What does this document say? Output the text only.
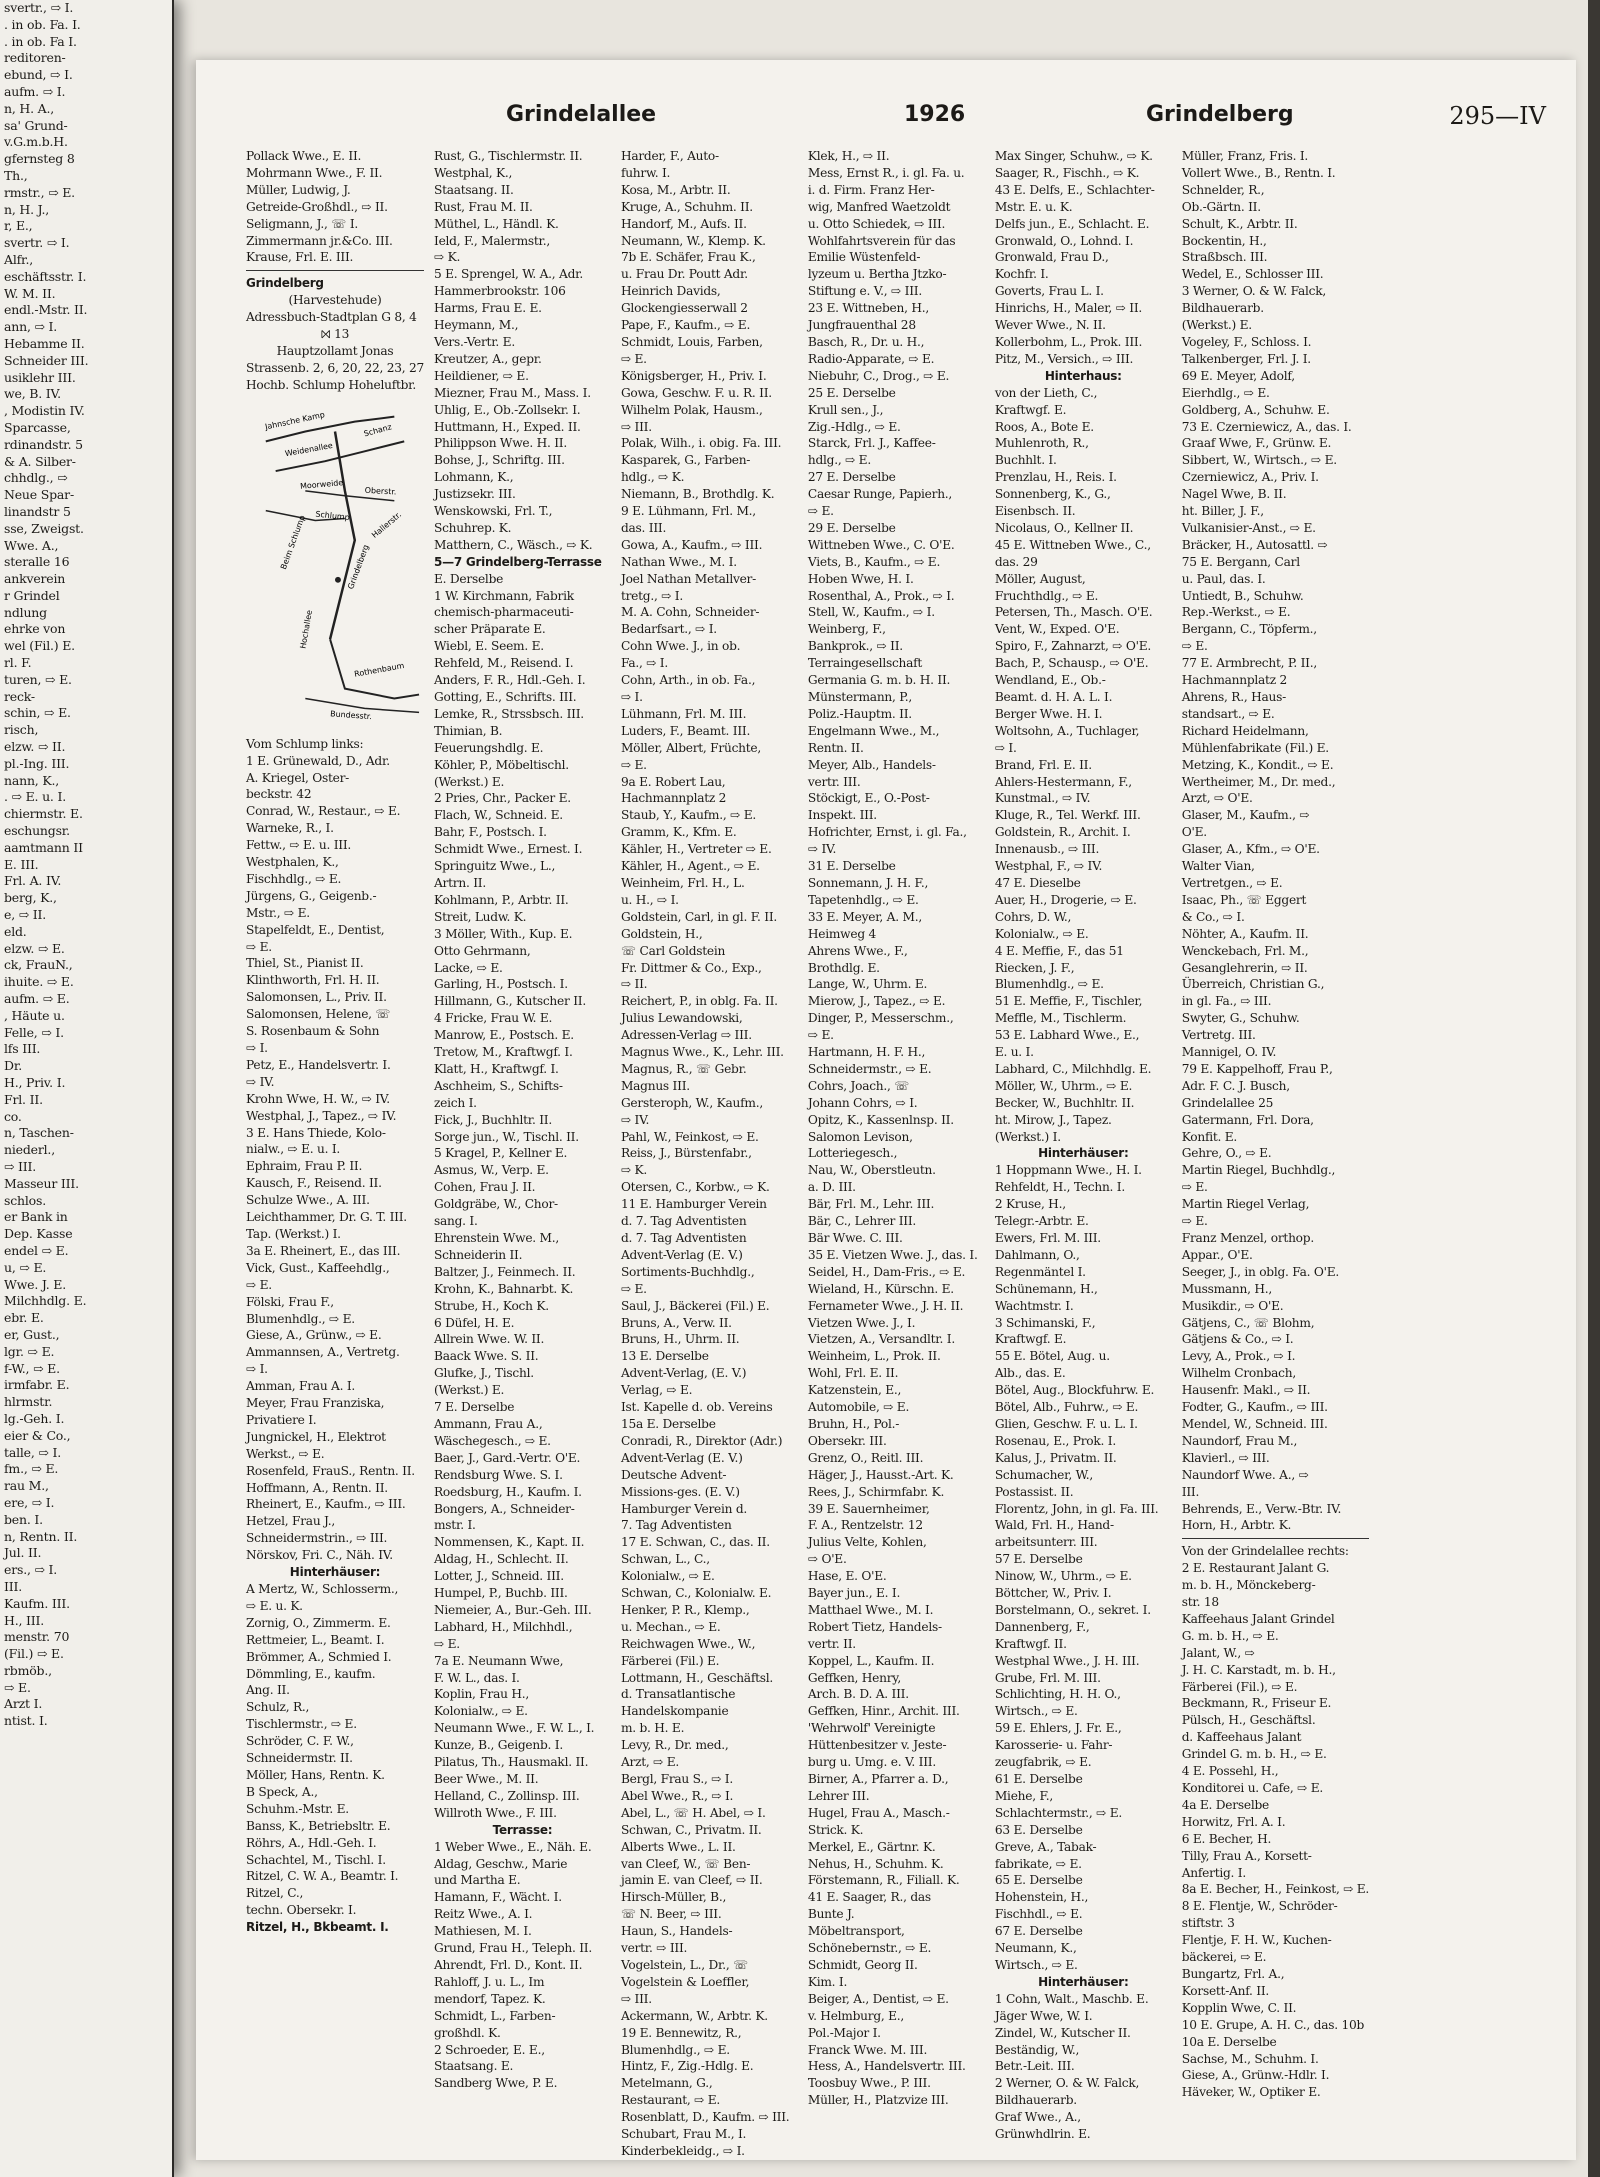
svertr., ⇨ I.
. in ob. Fa. I.
. in ob. Fa I.
reditoren-
ebund, ⇨ I.
aufm. ⇨ I.
n, H. A.,
sa' Grund-
v.G.m.b.H.
gfernsteg 8
Th.,
rmstr., ⇨ E.
n, H. J.,
r, E.,
svertr. ⇨ I.
Alfr.,
eschäftsstr. I.
W. M. II.
endl.-Mstr. II.
ann, ⇨ I.
Hebamme II.
Schneider III.
usiklehr III.
we, B. IV.
, Modistin IV.
Sparcasse,
rdinandstr. 5
& A. Silber-
chhdlg., ⇨
Neue Spar-
linandstr 5
sse, Zweigst.
Wwe. A.,
steralle 16
ankverein
r Grindel
ndlung
ehrke von
wel (Fil.) E.
rl. F.
turen, ⇨ E.
reck-
schin, ⇨ E.
risch,
elzw. ⇨ II.
pl.-Ing. III.
nann, K.,
. ⇨ E. u. I.
chiermstr. E.
eschungsr.
aamtmann II
E. III.
Frl. A. IV.
berg, K.,
e, ⇨ II.
eld.
elzw. ⇨ E.
ck, FrauN.,
ihuite. ⇨ E.
aufm. ⇨ E.
, Häute u.
Felle, ⇨ I.
lfs III.
Dr.
H., Priv. I.
Frl. II.
co.
n, Taschen-
niederl.,
⇨ III.
Masseur III.
schlos.
er Bank in
Dep. Kasse
endel ⇨ E.
u, ⇨ E.
Wwe. J. E.
Milchhdlg. E.
ebr. E.
er, Gust.,
lgr. ⇨ E.
f-W., ⇨ E.
irmfabr. E.
hlrmstr.
lg.-Geh. I.
eier & Co.,
talle, ⇨ I.
fm., ⇨ E.
rau M.,
ere, ⇨ I.
ben. I.
n, Rentn. II.
Jul. II.
ers., ⇨ I.
III.
Kaufm. III.
H., III.
menstr. 70
(Fil.) ⇨ E.
rbmöb.,
⇨ E.
Arzt I.
ntist. I.
Grindelallee	1926	Grindelberg	295—IV
Pollack Wwe., E. II.
Mohrmann Wwe., F. II.
Müller, Ludwig, J.
Getreide-Großhdl., ⇨ II.
Seligmann, J., ☏ I.
Zimmermann jr.&Co. III.
Krause, Frl. E. III.
Grindelberg
(Harvestehude)
Adressbuch-Stadtplan G 8, 4
⨝ 13
Hauptzollamt Jonas
Strassenb. 2, 6, 20, 22, 23, 27
Hochb. Schlump Hoheluftbr.
Jahnsche Kamp
Weidenallee
Schanz
Moorweide
Oberstr.
Schlump Hallerstr.
Beim Schlump	Grindelberg
Hochallee
Rothenbaum
Bundesstr.
Vom Schlump links:
1 E. Grünewald, D., Adr.
A. Kriegel, Oster-
beckstr. 42
Conrad, W., Restaur., ⇨ E.
Warneke, R., I.
Fettw., ⇨ E. u. III.
Westphalen, K.,
Fischhdlg., ⇨ E.
Jürgens, G., Geigenb.-
Mstr., ⇨ E.
Stapelfeldt, E., Dentist,
⇨ E.
Thiel, St., Pianist II.
Klinthworth, Frl. H. II.
Salomonsen, L., Priv. II.
Salomonsen, Helene, ☏
S. Rosenbaum & Sohn
⇨ I.
Petz, E., Handelsvertr. I.
⇨ IV.
Krohn Wwe, H. W., ⇨ IV.
Westphal, J., Tapez., ⇨ IV.
3 E. Hans Thiede, Kolo-
nialw., ⇨ E. u. I.
Ephraim, Frau P. II.
Kausch, F., Reisend. II.
Schulze Wwe., A. III.
Leichthammer, Dr. G. T. III.
Tap. (Werkst.) I.
3a E. Rheinert, E., das III.
Vick, Gust., Kaffeehdlg.,
⇨ E.
Fölski, Frau F.,
Blumenhdlg., ⇨ E.
Giese, A., Grünw., ⇨ E.
Ammannsen, A., Vertretg.
⇨ I.
Amman, Frau A. I.
Meyer, Frau Franziska,
Privatiere I.
Jungnickel, H., Elektrot
Werkst., ⇨ E.
Rosenfeld, FrauS., Rentn. II.
Hoffmann, A., Rentn. II.
Rheinert, E., Kaufm., ⇨ III.
Hetzel, Frau J.,
Schneidermstrin., ⇨ III.
Nörskov, Fri. C., Näh. IV.
Hinterhäuser:
A Mertz, W., Schlosserm.,
⇨ E. u. K.
Zornig, O., Zimmerm. E.
Rettmeier, L., Beamt. I.
Brömmer, A., Schmied I.
Dömmling, E., kaufm.
Ang. II.
Schulz, R.,
Tischlermstr., ⇨ E.
Schröder, C. F. W.,
Schneidermstr. II.
Möller, Hans, Rentn. K.
B Speck, A.,
Schuhm.-Mstr. E.
Banss, K., Betriebsltr. E.
Röhrs, A., Hdl.-Geh. I.
Schachtel, M., Tischl. I.
Ritzel, C. W. A., Beamtr. I.
Ritzel, C.,
techn. Obersekr. I.
Ritzel, H., Bkbeamt. I.
Rust, G., Tischlermstr. II.
Westphal, K.,
Staatsang. II.
Rust, Frau M. II.
Müthel, L., Händl. K.
Ield, F., Malermstr.,
⇨ K.
5 E. Sprengel, W. A., Adr.
Hammerbrookstr. 106
Harms, Frau E. E.
Heymann, M.,
Vers.-Vertr. E.
Kreutzer, A., gepr.
Heildiener, ⇨ E.
Miezner, Frau M., Mass. I.
Uhlig, E., Ob.-Zollsekr. I.
Huttmann, H., Exped. II.
Philippson Wwe. H. II.
Bohse, J., Schriftg. III.
Lohmann, K.,
Justizsekr. III.
Wenskowski, Frl. T.,
Schuhrep. K.
Matthern, C., Wäsch., ⇨ K.
5—7 Grindelberg-Terrasse
E. Derselbe
1 W. Kirchmann, Fabrik
chemisch-pharmaceuti-
scher Präparate E.
Wiebl, E. Seem. E.
Rehfeld, M., Reisend. I.
Anders, F. R., Hdl.-Geh. I.
Gotting, E., Schrifts. III.
Lemke, R., Strssbsch. III.
Thimian, B.
Feuerungshdlg. E.
Köhler, P., Möbeltischl.
(Werkst.) E.
2 Pries, Chr., Packer E.
Flach, W., Schneid. E.
Bahr, F., Postsch. I.
Schmidt Wwe., Ernest. I.
Springuitz Wwe., L.,
Artrn. II.
Kohlmann, P., Arbtr. II.
Streit, Ludw. K.
3 Möller, With., Kup. E.
Otto Gehrmann,
Lacke, ⇨ E.
Garling, H., Postsch. I.
Hillmann, G., Kutscher II.
4 Fricke, Frau W. E.
Manrow, E., Postsch. E.
Tretow, M., Kraftwgf. I.
Klatt, H., Kraftwgf. I.
Aschheim, S., Schifts-
zeich I.
Fick, J., Buchhltr. II.
Sorge jun., W., Tischl. II.
5 Kragel, P., Kellner E.
Asmus, W., Verp. E.
Cohen, Frau J. II.
Goldgräbe, W., Chor-
sang. I.
Ehrenstein Wwe. M.,
Schneiderin II.
Baltzer, J., Feinmech. II.
Krohn, K., Bahnarbt. K.
Strube, H., Koch K.
6 Düfel, H. E.
Allrein Wwe. W. II.
Baack Wwe. S. II.
Glufke, J., Tischl.
(Werkst.) E.
7 E. Derselbe
Ammann, Frau A.,
Wäschegesch., ⇨ E.
Baer, J., Gard.-Vertr. O'E.
Rendsburg Wwe. S. I.
Roedsburg, H., Kaufm. I.
Bongers, A., Schneider-
mstr. I.
Nommensen, K., Kapt. II.
Aldag, H., Schlecht. II.
Lotter, J., Schneid. III.
Humpel, P., Buchb. III.
Niemeier, A., Bur.-Geh. III.
Labhard, H., Milchhdl.,
⇨ E.
7a E. Neumann Wwe,
F. W. L., das. I.
Koplin, Frau H.,
Kolonialw., ⇨ E.
Neumann Wwe., F. W. L., I.
Kunze, B., Geigenb. I.
Pilatus, Th., Hausmakl. II.
Beer Wwe., M. II.
Helland, C., Zollinsp. III.
Willroth Wwe., F. III.
Terrasse:
1 Weber Wwe., E., Näh. E.
Aldag, Geschw., Marie
und Martha E.
Hamann, F., Wächt. I.
Reitz Wwe., A. I.
Mathiesen, M. I.
Grund, Frau H., Teleph. II.
Ahrendt, Frl. D., Kont. II.
Rahloff, J. u. L., Im
mendorf, Tapez. K.
Schmidt, L., Farben-
großhdl. K.
2 Schroeder, E. E.,
Staatsang. E.
Sandberg Wwe, P. E.
Harder, F., Auto-
fuhrw. I.
Kosa, M., Arbtr. II.
Kruge, A., Schuhm. II.
Handorf, M., Aufs. II.
Neumann, W., Klemp. K.
7b E. Schäfer, Frau K.,
u. Frau Dr. Poutt Adr.
Heinrich Davids,
Glockengiesserwall 2
Pape, F., Kaufm., ⇨ E.
Schmidt, Louis, Farben,
⇨ E.
Königsberger, H., Priv. I.
Gowa, Geschw. F. u. R. II.
Wilhelm Polak, Hausm.,
⇨ III.
Polak, Wilh., i. obig. Fa. III.
Kasparek, G., Farben-
hdlg., ⇨ K.
Niemann, B., Brothdlg. K.
9 E. Lühmann, Frl. M.,
das. III.
Gowa, A., Kaufm., ⇨ III.
Nathan Wwe., M. I.
Joel Nathan Metallver-
tretg., ⇨ I.
M. A. Cohn, Schneider-
Bedarfsart., ⇨ I.
Cohn Wwe. J., in ob.
Fa., ⇨ I.
Cohn, Arth., in ob. Fa.,
⇨ I.
Lühmann, Frl. M. III.
Luders, F., Beamt. III.
Möller, Albert, Früchte,
⇨ E.
9a E. Robert Lau,
Hachmannplatz 2
Staub, Y., Kaufm., ⇨ E.
Gramm, K., Kfm. E.
Kähler, H., Vertreter ⇨ E.
Kähler, H., Agent., ⇨ E.
Weinheim, Frl. H., L.
u. H., ⇨ I.
Goldstein, Carl, in gl. F. II.
Goldstein, H.,
☏ Carl Goldstein
Fr. Dittmer & Co., Exp.,
⇨ II.
Reichert, P., in oblg. Fa. II.
Julius Lewandowski,
Adressen-Verlag ⇨ III.
Magnus Wwe., K., Lehr. III.
Magnus, R., ☏ Gebr.
Magnus III.
Gersteroph, W., Kaufm.,
⇨ IV.
Pahl, W., Feinkost, ⇨ E.
Reiss, J., Bürstenfabr.,
⇨ K.
Otersen, C., Korbw., ⇨ K.
11 E. Hamburger Verein
d. 7. Tag Adventisten
d. 7. Tag Adventisten
Advent-Verlag (E. V.)
Sortiments-Buchhdlg.,
⇨ E.
Saul, J., Bäckerei (Fil.) E.
Bruns, A., Verw. II.
Bruns, H., Uhrm. II.
13 E. Derselbe
Advent-Verlag, (E. V.)
Verlag, ⇨ E.
Ist. Kapelle d. ob. Vereins
15a E. Derselbe
Conradi, R., Direktor (Adr.)
Advent-Verlag (E. V.)
Deutsche Advent-
Missions-ges. (E. V.)
Hamburger Verein d.
7. Tag Adventisten
17 E. Schwan, C., das. II.
Schwan, L., C.,
Kolonialw., ⇨ E.
Schwan, C., Kolonialw. E.
Henker, P. R., Klemp.,
u. Mechan., ⇨ E.
Reichwagen Wwe., W.,
Färberei (Fil.) E.
Lottmann, H., Geschäftsl.
d. Transatlantische
Handelskompanie
m. b. H. E.
Levy, R., Dr. med.,
Arzt, ⇨ E.
Bergl, Frau S., ⇨ I.
Abel Wwe., R., ⇨ I.
Abel, L., ☏ H. Abel, ⇨ I.
Schwan, C., Privatm. II.
Alberts Wwe., L. II.
van Cleef, W., ☏ Ben-
jamin E. van Cleef, ⇨ II.
Hirsch-Müller, B.,
☏ N. Beer, ⇨ III.
Haun, S., Handels-
vertr. ⇨ III.
Vogelstein, L., Dr., ☏
Vogelstein & Loeffler,
⇨ III.
Ackermann, W., Arbtr. K.
19 E. Bennewitz, R.,
Blumenhdlg., ⇨ E.
Hintz, F., Zig.-Hdlg. E.
Metelmann, G.,
Restaurant, ⇨ E.
Rosenblatt, D., Kaufm. ⇨ III.
Schubart, Frau M., I.
Kinderbekleidg., ⇨ I.
Klek, H., ⇨ II.
Mess, Ernst R., i. gl. Fa. u.
i. d. Firm. Franz Her-
wig, Manfred Waetzoldt
u. Otto Schiedek, ⇨ III.
Wohlfahrtsverein für das
Emilie Wüstenfeld-
lyzeum u. Bertha Jtzko-
Stiftung e. V., ⇨ III.
23 E. Wittneben, H.,
Jungfrauenthal 28
Basch, R., Dr. u. H.,
Radio-Apparate, ⇨ E.
Niebuhr, C., Drog., ⇨ E.
25 E. Derselbe
Krull sen., J.,
Zig.-Hdlg., ⇨ E.
Starck, Frl. J., Kaffee-
hdlg., ⇨ E.
27 E. Derselbe
Caesar Runge, Papierh.,
⇨ E.
29 E. Derselbe
Wittneben Wwe., C. O'E.
Viets, B., Kaufm., ⇨ E.
Hoben Wwe, H. I.
Rosenthal, A., Prok., ⇨ I.
Stell, W., Kaufm., ⇨ I.
Weinberg, F.,
Bankprok., ⇨ II.
Terraingesellschaft
Germania G. m. b. H. II.
Münstermann, P.,
Poliz.-Hauptm. II.
Engelmann Wwe., M.,
Rentn. II.
Meyer, Alb., Handels-
vertr. III.
Stöckigt, E., O.-Post-
Inspekt. III.
Hofrichter, Ernst, i. gl. Fa.,
⇨ IV.
31 E. Derselbe
Sonnemann, J. H. F.,
Tapetenhdlg., ⇨ E.
33 E. Meyer, A. M.,
Heimweg 4
Ahrens Wwe., F.,
Brothdlg. E.
Lange, W., Uhrm. E.
Mierow, J., Tapez., ⇨ E.
Dinger, P., Messerschm.,
⇨ E.
Hartmann, H. F. H.,
Schneidermstr., ⇨ E.
Cohrs, Joach., ☏
Johann Cohrs, ⇨ I.
Opitz, K., Kassenlnsp. II.
Salomon Levison,
Lotteriegesch.,
Nau, W., Oberstleutn.
a. D. III.
Bär, Frl. M., Lehr. III.
Bär, C., Lehrer III.
Bär Wwe. C. III.
35 E. Vietzen Wwe. J., das. I.
Seidel, H., Dam-Fris., ⇨ E.
Wieland, H., Kürschn. E.
Fernameter Wwe., J. H. II.
Vietzen Wwe. J., I.
Vietzen, A., Versandltr. I.
Weinheim, L., Prok. II.
Wohl, Frl. E. II.
Katzenstein, E.,
Automobile, ⇨ E.
Bruhn, H., Pol.-
Obersekr. III.
Grenz, O., Reitl. III.
Häger, J., Hausst.-Art. K.
Rees, J., Schirmfabr. K.
39 E. Sauernheimer,
F. A., Rentzelstr. 12
Julius Velte, Kohlen,
⇨ O'E.
Hase, E. O'E.
Bayer jun., E. I.
Matthael Wwe., M. I.
Robert Tietz, Handels-
vertr. II.
Koppel, L., Kaufm. II.
Geffken, Henry,
Arch. B. D. A. III.
Geffken, Hinr., Archit. III.
'Wehrwolf' Vereinigte
Hüttenbesitzer v. Jeste-
burg u. Umg. e. V. III.
Birner, A., Pfarrer a. D.,
Lehrer III.
Hugel, Frau A., Masch.-
Strick. K.
Merkel, E., Gärtnr. K.
Nehus, H., Schuhm. K.
Förstemann, R., Filiall. K.
41 E. Saager, R., das
Bunte J.
Möbeltransport,
Schönebernstr., ⇨ E.
Schmidt, Georg II.
Kim. I.
Beiger, A., Dentist, ⇨ E.
v. Helmburg, E.,
Pol.-Major I.
Franck Wwe. M. III.
Hess, A., Handelsvertr. III.
Toosbuy Wwe., P. III.
Müller, H., Platzvize III.
Max Singer, Schuhw., ⇨ K.
Saager, R., Fischh., ⇨ K.
43 E. Delfs, E., Schlachter-
Mstr. E. u. K.
Delfs jun., E., Schlacht. E.
Gronwald, O., Lohnd. I.
Gronwald, Frau D.,
Kochfr. I.
Goverts, Frau L. I.
Hinrichs, H., Maler, ⇨ II.
Wever Wwe., N. II.
Kollerbohm, L., Prok. III.
Pitz, M., Versich., ⇨ III.
Hinterhaus:
von der Lieth, C.,
Kraftwgf. E.
Roos, A., Bote E.
Muhlenroth, R.,
Buchhlt. I.
Prenzlau, H., Reis. I.
Sonnenberg, K., G.,
Eisenbsch. II.
Nicolaus, O., Kellner II.
45 E. Wittneben Wwe., C.,
das. 29
Möller, August,
Fruchthdlg., ⇨ E.
Petersen, Th., Masch. O'E.
Vent, W., Exped. O'E.
Spiro, F., Zahnarzt, ⇨ O'E.
Bach, P., Schausp., ⇨ O'E.
Wendland, E., Ob.-
Beamt. d. H. A. L. I.
Berger Wwe. H. I.
Woltsohn, A., Tuchlager,
⇨ I.
Brand, Frl. E. II.
Ahlers-Hestermann, F.,
Kunstmal., ⇨ IV.
Kluge, R., Tel. Werkf. III.
Goldstein, R., Archit. I.
Innenausb., ⇨ III.
Westphal, F., ⇨ IV.
47 E. Dieselbe
Auer, H., Drogerie, ⇨ E.
Cohrs, D. W.,
Kolonialw., ⇨ E.
4 E. Meffie, F., das 51
Riecken, J. F.,
Blumenhdlg., ⇨ E.
51 E. Meffie, F., Tischler,
Meffle, M., Tischlerm.
53 E. Labhard Wwe., E.,
E. u. I.
Labhard, C., Milchhdlg. E.
Möller, W., Uhrm., ⇨ E.
Becker, W., Buchhltr. II.
ht. Mirow, J., Tapez.
(Werkst.) I.
Hinterhäuser:
1 Hoppmann Wwe., H. I.
Rehfeldt, H., Techn. I.
2 Kruse, H.,
Telegr.-Arbtr. E.
Ewers, Frl. M. III.
Dahlmann, O.,
Regenmäntel I.
Schünemann, H.,
Wachtmstr. I.
3 Schimanski, F.,
Kraftwgf. E.
55 E. Bötel, Aug. u.
Alb., das. E.
Bötel, Aug., Blockfuhrw. E.
Bötel, Alb., Fuhrw., ⇨ E.
Glien, Geschw. F. u. L. I.
Rosenau, E., Prok. I.
Kalus, J., Privatm. II.
Schumacher, W.,
Postassist. II.
Florentz, John, in gl. Fa. III.
Wald, Frl. H., Hand-
arbeitsunterr. III.
57 E. Derselbe
Ninow, W., Uhrm., ⇨ E.
Böttcher, W., Priv. I.
Borstelmann, O., sekret. I.
Dannenberg, F.,
Kraftwgf. II.
Westphal Wwe., J. H. III.
Grube, Frl. M. III.
Schlichting, H. H. O.,
Wirtsch., ⇨ E.
59 E. Ehlers, J. Fr. E.,
Karosserie- u. Fahr-
zeugfabrik, ⇨ E.
61 E. Derselbe
Miehe, F.,
Schlachtermstr., ⇨ E.
63 E. Derselbe
Greve, A., Tabak-
fabrikate, ⇨ E.
65 E. Derselbe
Hohenstein, H.,
Fischhdl., ⇨ E.
67 E. Derselbe
Neumann, K.,
Wirtsch., ⇨ E.
Hinterhäuser:
1 Cohn, Walt., Maschb. E.
Jäger Wwe, W. I.
Zindel, W., Kutscher II.
Beständig, W.,
Betr.-Leit. III.
2 Werner, O. & W. Falck,
Bildhauerarb.
Graf Wwe., A.,
Grünwhdlrin. E.
Müller, Franz, Fris. I.
Vollert Wwe., B., Rentn. I.
Schnelder, R.,
Ob.-Gärtn. II.
Schult, K., Arbtr. II.
Bockentin, H.,
Straßbsch. III.
Wedel, E., Schlosser III.
3 Werner, O. & W. Falck,
Bildhauerarb.
(Werkst.) E.
Vogeley, F., Schloss. I.
Talkenberger, Frl. J. I.
69 E. Meyer, Adolf,
Eierhdlg., ⇨ E.
Goldberg, A., Schuhw. E.
73 E. Czerniewicz, A., das. I.
Graaf Wwe, F., Grünw. E.
Sibbert, W., Wirtsch., ⇨ E.
Czerniewicz, A., Priv. I.
Nagel Wwe, B. II.
ht. Biller, J. F.,
Vulkanisier-Anst., ⇨ E.
Bräcker, H., Autosattl. ⇨
75 E. Bergann, Carl
u. Paul, das. I.
Untiedt, B., Schuhw.
Rep.-Werkst., ⇨ E.
Bergann, C., Töpferm.,
⇨ E.
77 E. Armbrecht, P. II.,
Hachmannplatz 2
Ahrens, R., Haus-
standsart., ⇨ E.
Richard Heidelmann,
Mühlenfabrikate (Fil.) E.
Metzing, K., Kondit., ⇨ E.
Wertheimer, M., Dr. med.,
Arzt, ⇨ O'E.
Glaser, M., Kaufm., ⇨
O'E.
Glaser, A., Kfm., ⇨ O'E.
Walter Vian,
Vertretgen., ⇨ E.
Isaac, Ph., ☏ Eggert
& Co., ⇨ I.
Nöhter, A., Kaufm. II.
Wenckebach, Frl. M.,
Gesanglehrerin, ⇨ II.
Überreich, Christian G.,
in gl. Fa., ⇨ III.
Swyter, G., Schuhw.
Vertretg. III.
Mannigel, O. IV.
79 E. Kappelhoff, Frau P.,
Adr. F. C. J. Busch,
Grindelallee 25
Gatermann, Frl. Dora,
Konfit. E.
Gehre, O., ⇨ E.
Martin Riegel, Buchhdlg.,
⇨ E.
Martin Riegel Verlag,
⇨ E.
Franz Menzel, orthop.
Appar., O'E.
Seeger, J., in oblg. Fa. O'E.
Mussmann, H.,
Musikdir., ⇨ O'E.
Gätjens, C., ☏ Blohm,
Gätjens & Co., ⇨ I.
Levy, A., Prok., ⇨ I.
Wilhelm Cronbach,
Hausenfr. Makl., ⇨ II.
Fodter, G., Kaufm., ⇨ III.
Mendel, W., Schneid. III.
Naundorf, Frau M.,
Klavierl., ⇨ III.
Naundorf Wwe. A., ⇨
III.
Behrends, E., Verw.-Btr. IV.
Horn, H., Arbtr. K.
Von der Grindelallee rechts:
2 E. Restaurant Jalant G.
m. b. H., Mönckeberg-
str. 18
Kaffeehaus Jalant Grindel
G. m. b. H., ⇨ E.
Jalant, W., ⇨
J. H. C. Karstadt, m. b. H.,
Färberei (Fil.), ⇨ E.
Beckmann, R., Friseur E.
Pülsch, H., Geschäftsl.
d. Kaffeehaus Jalant
Grindel G. m. b. H., ⇨ E.
4 E. Possehl, H.,
Konditorei u. Cafe, ⇨ E.
4a E. Derselbe
Horwitz, Frl. A. I.
6 E. Becher, H.
Tilly, Frau A., Korsett-
Anfertig. I.
8a E. Becher, H., Feinkost, ⇨ E.
8 E. Flentje, W., Schröder-
stiftstr. 3
Flentje, F. H. W., Kuchen-
bäckerei, ⇨ E.
Bungartz, Frl. A.,
Korsett-Anf. II.
Kopplin Wwe, C. II.
10 E. Grupe, A. H. C., das. 10b
10a E. Derselbe
Sachse, M., Schuhm. I.
Giese, A., Grünw.-Hdlr. I.
Häveker, W., Optiker E.
